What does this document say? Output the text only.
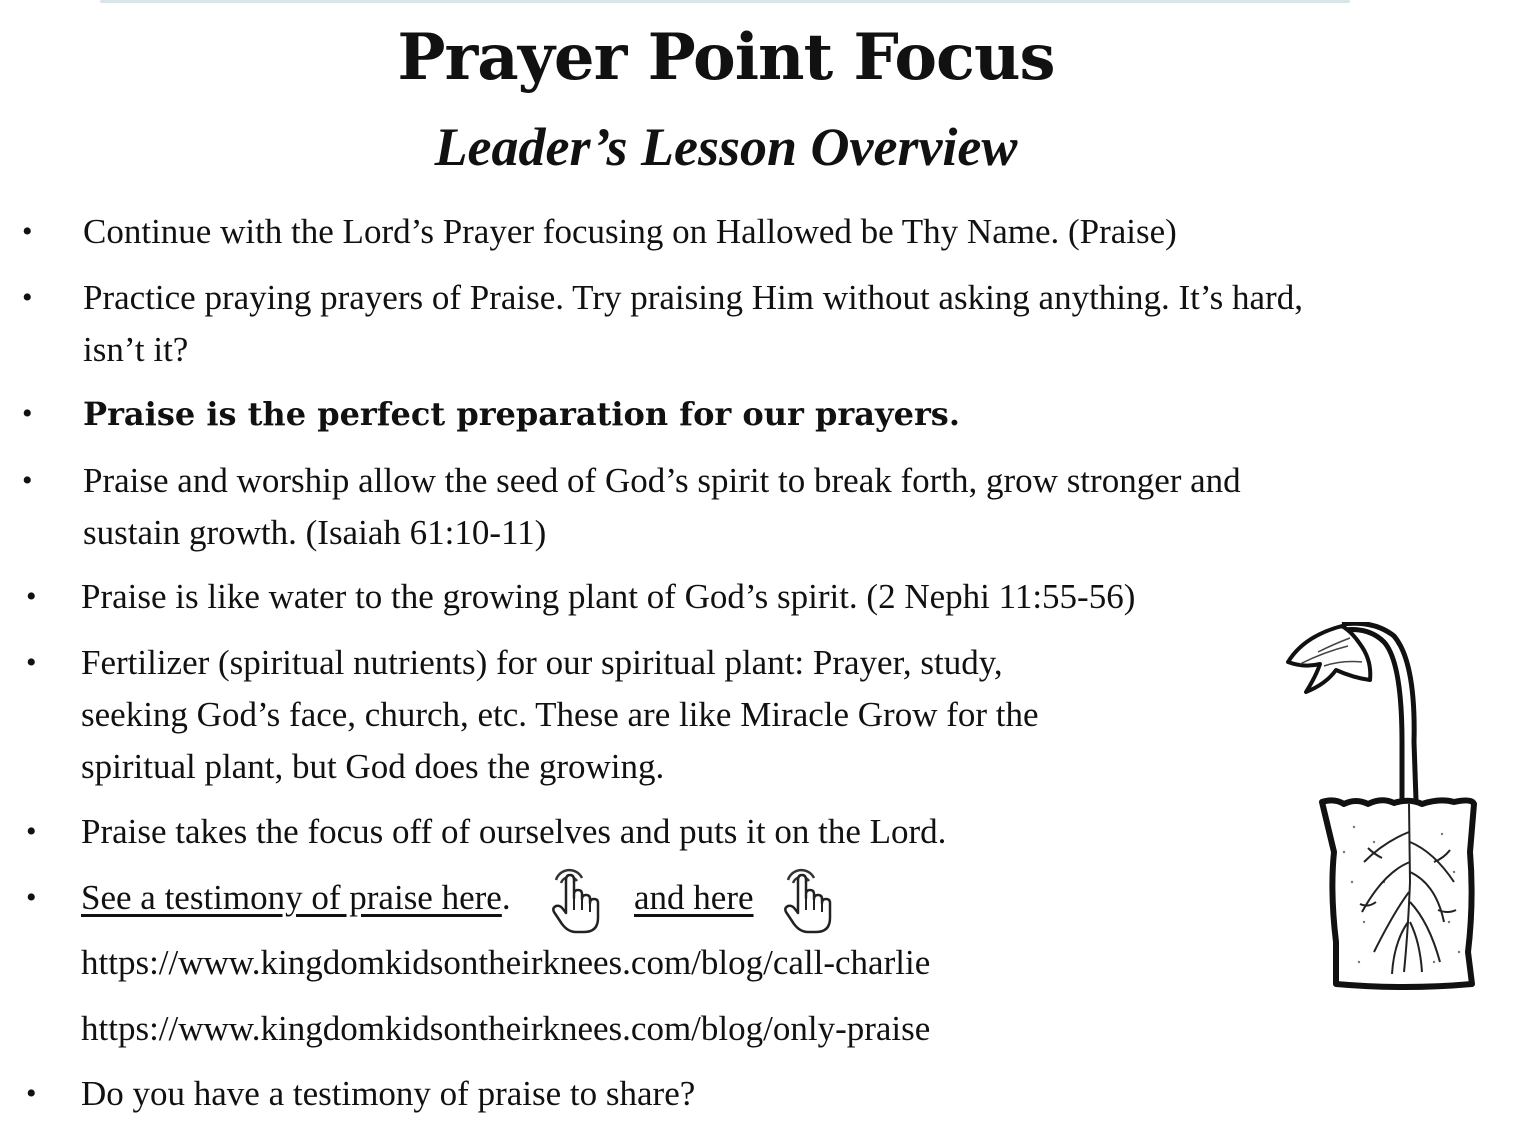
Prayer Point Focus
Leader’s Lesson Overview
• Continue with the Lord’s Prayer focusing on Hallowed be Thy Name. (Praise)
• Practice praying prayers of Praise. Try praising Him without asking anything. It’s hard,
isn’t it?
• Praise is the perfect preparation for our prayers.
• Praise and worship allow the seed of God’s spirit to break forth, grow stronger and
sustain growth. (Isaiah 61:10-11)
• Praise is like water to the growing plant of God’s spirit. (2 Nephi 11:55-56)
• Fertilizer (spiritual nutrients) for our spiritual plant: Prayer, study,
seeking God’s face, church, etc. These are like Miracle Grow for the
spiritual plant, but God does the growing.
• Praise takes the focus off of ourselves and puts it on the Lord.
• See a testimony of praise here.	and here
https://www.kingdomkidsontheirknees.com/blog/call-charlie
https://www.kingdomkidsontheirknees.com/blog/only-praise
• Do you have a testimony of praise to share?
